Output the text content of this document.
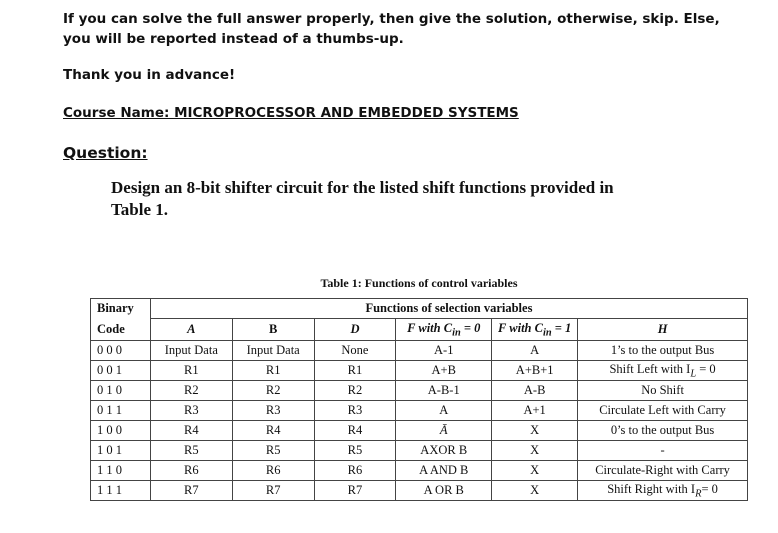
If you can solve the full answer properly, then give the solution, otherwise, skip. Else,
you will be reported instead of a thumbs-up.
Thank you in advance!
Course Name: MICROPROCESSOR AND EMBEDDED SYSTEMS
Question:
Design an 8-bit shifter circuit for the listed shift functions provided in
Table 1.
Table 1: Functions of control variables
Binary	Functions of selection variables					
Code	A	B	D	F with $C_{in} = 0$	F with $C_{in} = 1$	H
0 0 0	Input Data	Input Data	None	A-1	A	1’s to the output Bus
0 0 1	R1	R1	R1	A+B	A+B+1	Shift Left with $I_L = 0$
0 1 0	R2	R2	R2	A-B-1	A-B	No Shift
0 1 1	R3	R3	R3	A	A+1	Circulate Left with Carry
1 0 0	R4	R4	R4	Ā	X	0’s to the output Bus
1 0 1	R5	R5	R5	AXOR B	X	-
1 1 0	R6	R6	R6	A AND B	X	Circulate-Right with Carry
1 1 1	R7	R7	R7	A OR B	X	Shift Right with $I_R= 0$
